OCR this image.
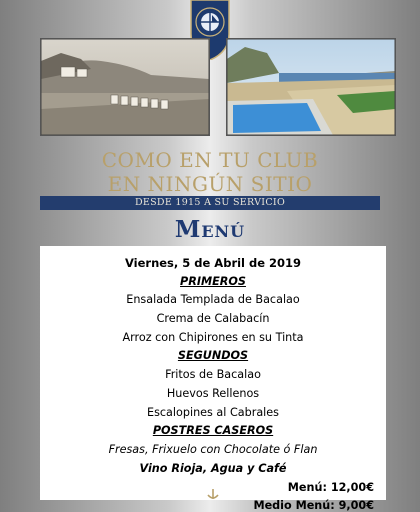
COMO EN TU CLUB
EN NINGÚN SITIO
DESDE 1915 A SU SERVICIO
Menú
Viernes, 5 de Abril de 2019
PRIMEROS
Ensalada Templada de Bacalao
Crema de Calabacín
Arroz con Chipirones en su Tinta
SEGUNDOS
Fritos de Bacalao
Huevos Rellenos
Escalopines al Cabrales
POSTRES CASEROS
Fresas, Frixuelo con Chocolate ó Flan
Vino Rioja, Agua y Café
Menú: 12,00€
Medio Menú: 9,00€
